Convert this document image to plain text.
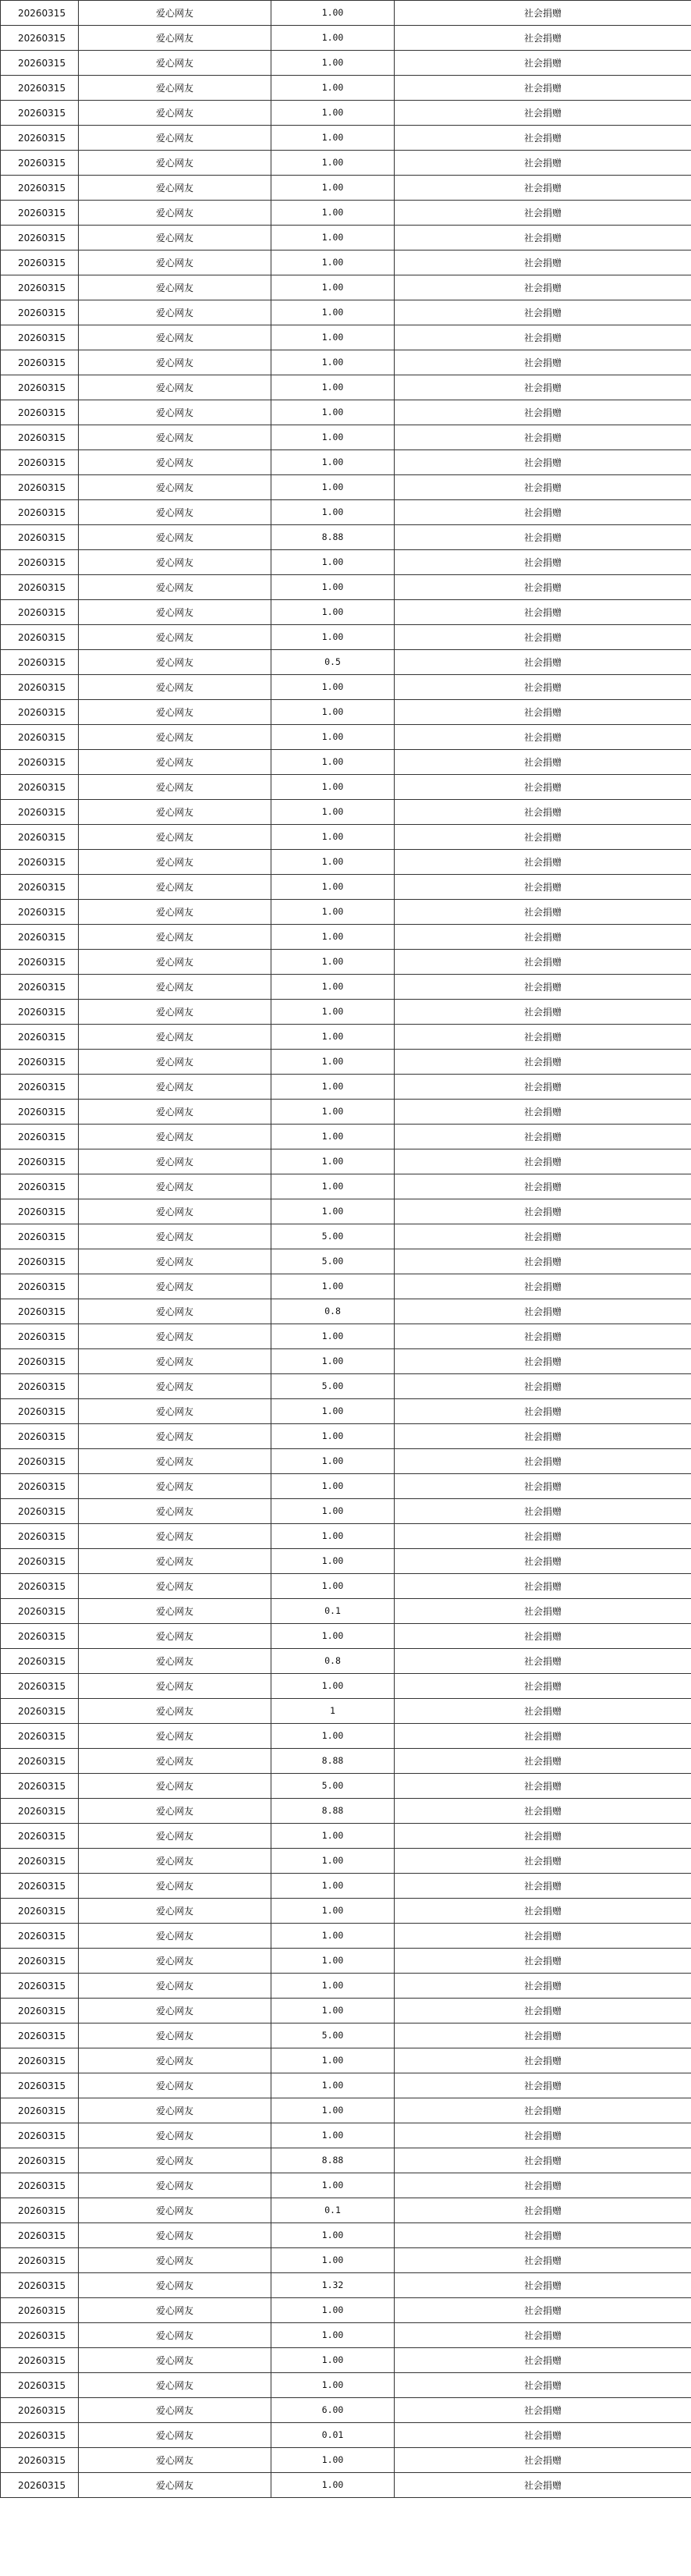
20260315	爱心网友	1.00	社会捐赠
20260315	爱心网友	1.00	社会捐赠
20260315	爱心网友	1.00	社会捐赠
20260315	爱心网友	1.00	社会捐赠
20260315	爱心网友	1.00	社会捐赠
20260315	爱心网友	1.00	社会捐赠
20260315	爱心网友	1.00	社会捐赠
20260315	爱心网友	1.00	社会捐赠
20260315	爱心网友	1.00	社会捐赠
20260315	爱心网友	1.00	社会捐赠
20260315	爱心网友	1.00	社会捐赠
20260315	爱心网友	1.00	社会捐赠
20260315	爱心网友	1.00	社会捐赠
20260315	爱心网友	1.00	社会捐赠
20260315	爱心网友	1.00	社会捐赠
20260315	爱心网友	1.00	社会捐赠
20260315	爱心网友	1.00	社会捐赠
20260315	爱心网友	1.00	社会捐赠
20260315	爱心网友	1.00	社会捐赠
20260315	爱心网友	1.00	社会捐赠
20260315	爱心网友	1.00	社会捐赠
20260315	爱心网友	8.88	社会捐赠
20260315	爱心网友	1.00	社会捐赠
20260315	爱心网友	1.00	社会捐赠
20260315	爱心网友	1.00	社会捐赠
20260315	爱心网友	1.00	社会捐赠
20260315	爱心网友	0.5	社会捐赠
20260315	爱心网友	1.00	社会捐赠
20260315	爱心网友	1.00	社会捐赠
20260315	爱心网友	1.00	社会捐赠
20260315	爱心网友	1.00	社会捐赠
20260315	爱心网友	1.00	社会捐赠
20260315	爱心网友	1.00	社会捐赠
20260315	爱心网友	1.00	社会捐赠
20260315	爱心网友	1.00	社会捐赠
20260315	爱心网友	1.00	社会捐赠
20260315	爱心网友	1.00	社会捐赠
20260315	爱心网友	1.00	社会捐赠
20260315	爱心网友	1.00	社会捐赠
20260315	爱心网友	1.00	社会捐赠
20260315	爱心网友	1.00	社会捐赠
20260315	爱心网友	1.00	社会捐赠
20260315	爱心网友	1.00	社会捐赠
20260315	爱心网友	1.00	社会捐赠
20260315	爱心网友	1.00	社会捐赠
20260315	爱心网友	1.00	社会捐赠
20260315	爱心网友	1.00	社会捐赠
20260315	爱心网友	1.00	社会捐赠
20260315	爱心网友	1.00	社会捐赠
20260315	爱心网友	5.00	社会捐赠
20260315	爱心网友	5.00	社会捐赠
20260315	爱心网友	1.00	社会捐赠
20260315	爱心网友	0.8	社会捐赠
20260315	爱心网友	1.00	社会捐赠
20260315	爱心网友	1.00	社会捐赠
20260315	爱心网友	5.00	社会捐赠
20260315	爱心网友	1.00	社会捐赠
20260315	爱心网友	1.00	社会捐赠
20260315	爱心网友	1.00	社会捐赠
20260315	爱心网友	1.00	社会捐赠
20260315	爱心网友	1.00	社会捐赠
20260315	爱心网友	1.00	社会捐赠
20260315	爱心网友	1.00	社会捐赠
20260315	爱心网友	1.00	社会捐赠
20260315	爱心网友	0.1	社会捐赠
20260315	爱心网友	1.00	社会捐赠
20260315	爱心网友	0.8	社会捐赠
20260315	爱心网友	1.00	社会捐赠
20260315	爱心网友	1	社会捐赠
20260315	爱心网友	1.00	社会捐赠
20260315	爱心网友	8.88	社会捐赠
20260315	爱心网友	5.00	社会捐赠
20260315	爱心网友	8.88	社会捐赠
20260315	爱心网友	1.00	社会捐赠
20260315	爱心网友	1.00	社会捐赠
20260315	爱心网友	1.00	社会捐赠
20260315	爱心网友	1.00	社会捐赠
20260315	爱心网友	1.00	社会捐赠
20260315	爱心网友	1.00	社会捐赠
20260315	爱心网友	1.00	社会捐赠
20260315	爱心网友	1.00	社会捐赠
20260315	爱心网友	5.00	社会捐赠
20260315	爱心网友	1.00	社会捐赠
20260315	爱心网友	1.00	社会捐赠
20260315	爱心网友	1.00	社会捐赠
20260315	爱心网友	1.00	社会捐赠
20260315	爱心网友	8.88	社会捐赠
20260315	爱心网友	1.00	社会捐赠
20260315	爱心网友	0.1	社会捐赠
20260315	爱心网友	1.00	社会捐赠
20260315	爱心网友	1.00	社会捐赠
20260315	爱心网友	1.32	社会捐赠
20260315	爱心网友	1.00	社会捐赠
20260315	爱心网友	1.00	社会捐赠
20260315	爱心网友	1.00	社会捐赠
20260315	爱心网友	1.00	社会捐赠
20260315	爱心网友	6.00	社会捐赠
20260315	爱心网友	0.01	社会捐赠
20260315	爱心网友	1.00	社会捐赠
20260315	爱心网友	1.00	社会捐赠
